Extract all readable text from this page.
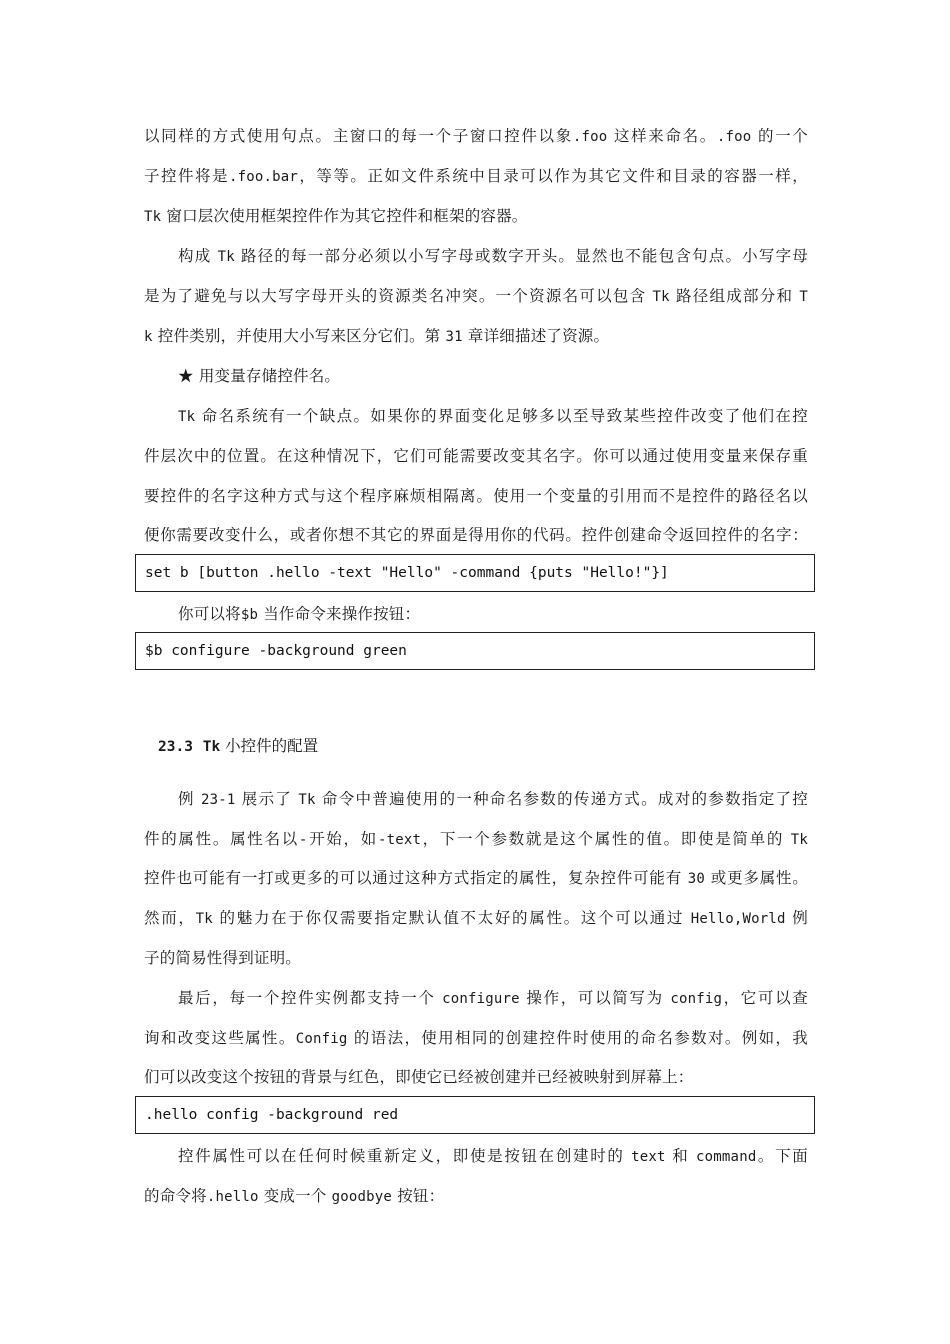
以同样的方式使用句点。主窗口的每一个子窗口控件以象.foo 这样来命名。.foo 的一个

子控件将是.foo.bar，等等。正如文件系统中目录可以作为其它文件和目录的容器一样，

Tk 窗口层次使用框架控件作为其它控件和框架的容器。

构成 Tk 路径的每一部分必须以小写字母或数字开头。显然也不能包含句点。小写字母

是为了避免与以大写字母开头的资源类名冲突。一个资源名可以包含 Tk 路径组成部分和 T

k 控件类别，并使用大小写来区分它们。第 31 章详细描述了资源。

★ 用变量存储控件名。

Tk 命名系统有一个缺点。如果你的界面变化足够多以至导致某些控件改变了他们在控

件层次中的位置。在这种情况下，它们可能需要改变其名字。你可以通过使用变量来保存重

要控件的名字这种方式与这个程序麻烦相隔离。使用一个变量的引用而不是控件的路径名以

便你需要改变什么，或者你想不其它的界面是得用你的代码。控件创建命令返回控件的名字：

set b [button .hello -text "Hello" -command {puts "Hello!"}]

你可以将$b 当作命令来操作按钮：

$b configure -background green
23.3 Tk 小控件的配置

例 23-1 展示了 Tk 命令中普遍使用的一种命名参数的传递方式。成对的参数指定了控

件的属性。属性名以-开始，如-text，下一个参数就是这个属性的值。即使是简单的 Tk

控件也可能有一打或更多的可以通过这种方式指定的属性，复杂控件可能有 30 或更多属性。

然而，Tk 的魅力在于你仅需要指定默认值不太好的属性。这个可以通过 Hello,World 例

子的简易性得到证明。

最后，每一个控件实例都支持一个 configure 操作，可以简写为 config，它可以查

询和改变这些属性。Config 的语法，使用相同的创建控件时使用的命名参数对。例如，我

们可以改变这个按钮的背景与红色，即使它已经被创建并已经被映射到屏幕上：

.hello config -background red

控件属性可以在任何时候重新定义，即使是按钮在创建时的 text 和 command。下面

的命令将.hello 变成一个 goodbye 按钮：
